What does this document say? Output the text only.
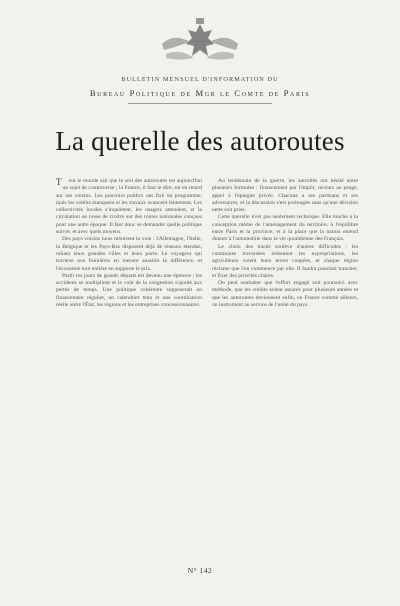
BULLETIN MENSUEL D'INFORMATION DU
Bureau Politique de Mgr le Comte de Paris
La querelle des autoroutes

T out le monde sait que le sort des autoroutes est aujourd'hui un sujet de controverse ; la France, il faut le dire, est en retard sur ses voisins. Les pouvoirs publics ont fixé un programme, mais les crédits manquent et les travaux avancent lentement. Les collectivités locales s'inquiètent, les usagers attendent, et la circulation ne cesse de croître sur des routes nationales conçues pour une autre époque. Il faut donc se demander quelle politique suivre, et avec quels moyens.

Des pays voisins nous montrent la voie : l'Allemagne, l'Italie, la Belgique et les Pays-Bas disposent déjà de réseaux étendus, reliant leurs grandes villes et leurs ports. Le voyageur qui traverse nos frontières en mesure aussitôt la différence, et l'économie tout entière en supporte le prix.

Partir les jours de grands départs est devenu une épreuve ; les accidents se multiplient et le coût de la congestion s'ajoute aux pertes de temps. Une politique cohérente supposerait un financement régulier, un calendrier tenu et une coordination réelle entre l'État, les régions et les entreprises concessionnaires.

Au lendemain de la guerre, les autorités ont hésité entre plusieurs formules : financement par l'impôt, recours au péage, appel à l'épargne privée. Chacune a ses partisans et ses adversaires, et la discussion s'est prolongée sans qu'une décision nette soit prise.

Cette querelle n'est pas seulement technique. Elle touche à la conception même de l'aménagement du territoire, à l'équilibre entre Paris et la province, et à la place que la nation entend donner à l'automobile dans la vie quotidienne des Français.

Le choix des tracés soulève d'autres difficultés : les communes traversées redoutent les expropriations, les agriculteurs voient leurs terres coupées, et chaque région réclame que l'on commence par elle. Il faudra pourtant trancher, et fixer des priorités claires.

On peut souhaiter que l'effort engagé soit poursuivi avec méthode, que les crédits soient assurés pour plusieurs années et que les autoroutes deviennent enfin, en France comme ailleurs, un instrument au service de l'unité du pays.

N° 142
